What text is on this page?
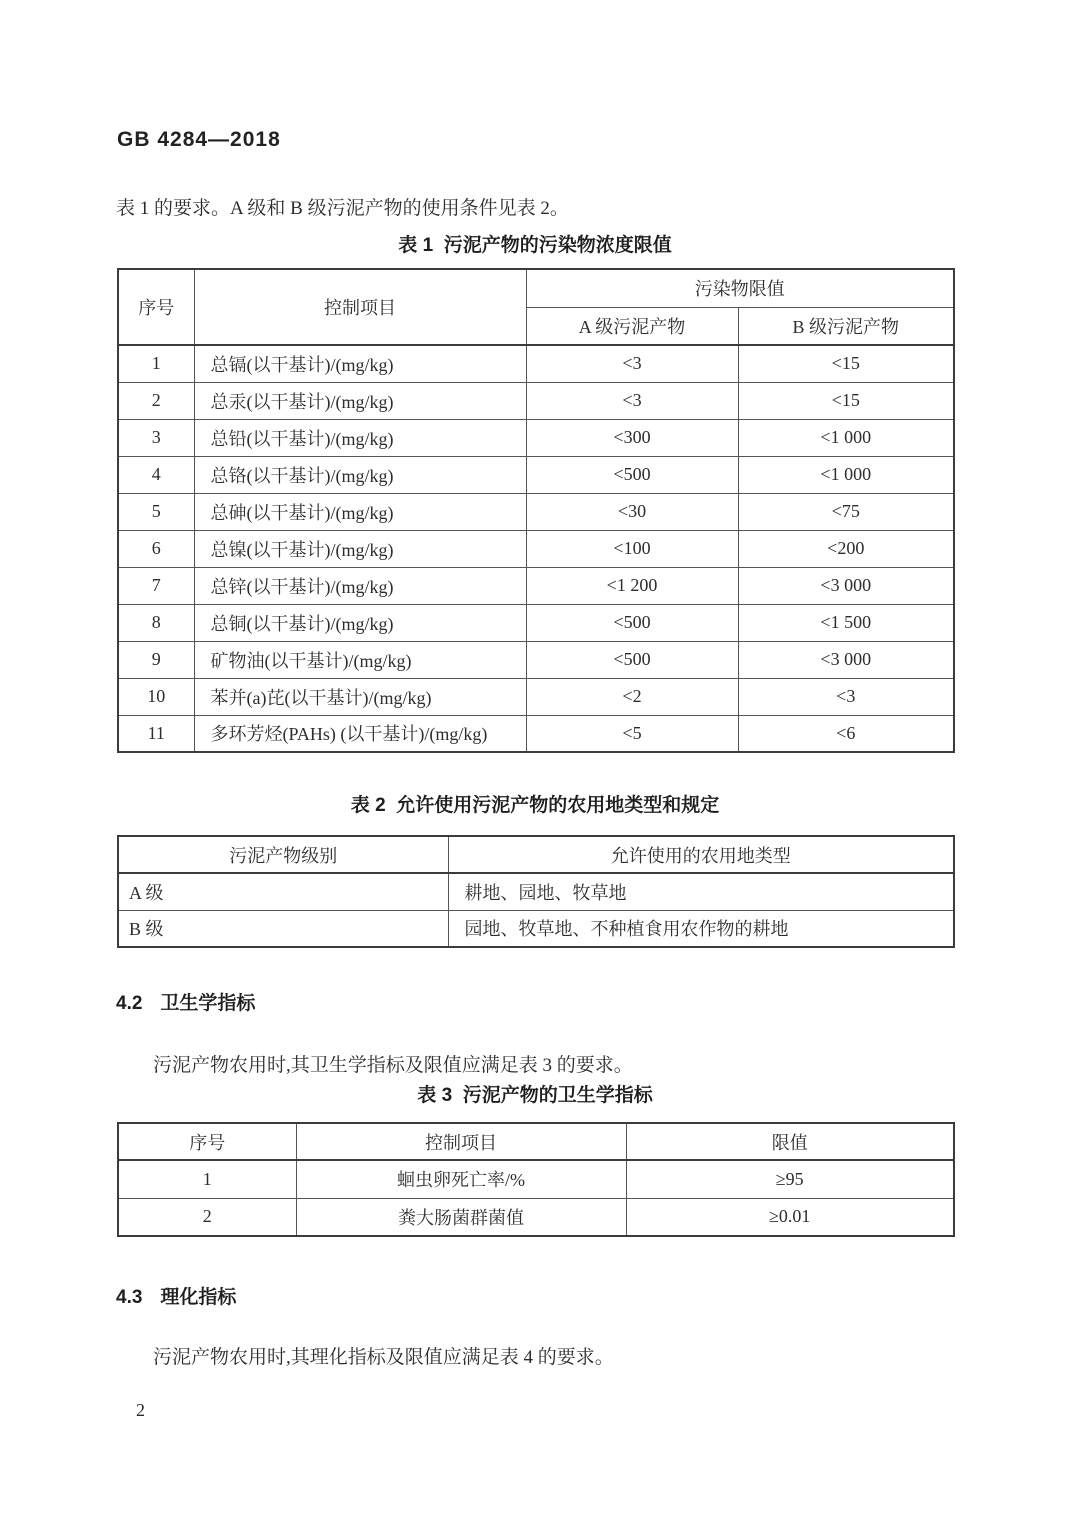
GB 4284—2018

表 1 的要求。A 级和 B 级污泥产物的使用条件见表 2。

表 1  污泥产物的污染物浓度限值
序号	控制项目	污染物限值	
		A 级污泥产物	B 级污泥产物
1	总镉(以干基计)/(mg/kg)	<3	<15
2	总汞(以干基计)/(mg/kg)	<3	<15
3	总铅(以干基计)/(mg/kg)	<300	<1 000
4	总铬(以干基计)/(mg/kg)	<500	<1 000
5	总砷(以干基计)/(mg/kg)	<30	<75
6	总镍(以干基计)/(mg/kg)	<100	<200
7	总锌(以干基计)/(mg/kg)	<1 200	<3 000
8	总铜(以干基计)/(mg/kg)	<500	<1 500
9	矿物油(以干基计)/(mg/kg)	<500	<3 000
10	苯并(a)芘(以干基计)/(mg/kg)	<2	<3
11	多环芳烃(PAHs) (以干基计)/(mg/kg)	<5	<6
表 2  允许使用污泥产物的农用地类型和规定
污泥产物级别	允许使用的农用地类型
A 级	耕地、园地、牧草地
B 级	园地、牧草地、不种植食用农作物的耕地
4.2 卫生学指标

污泥产物农用时,其卫生学指标及限值应满足表 3 的要求。

表 3  污泥产物的卫生学指标
序号	控制项目	限值
1	蛔虫卵死亡率/%	≥95
2	粪大肠菌群菌值	≥0.01
4.3 理化指标

污泥产物农用时,其理化指标及限值应满足表 4 的要求。

2
